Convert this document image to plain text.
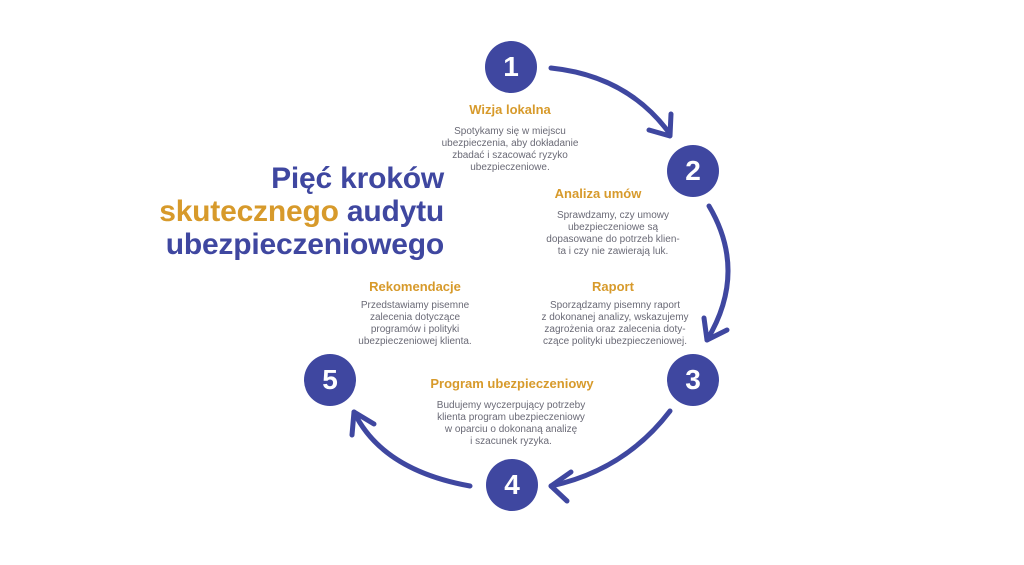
Pięć kroków
skutecznego audytu
ubezpieczeniowego
1
Wizja lokalna
Spotykamy się w miejscu
ubezpieczenia, aby dokładanie
zbadać i szacować ryzyko
ubezpieczeniowe.	2
Analiza umów
Sprawdzamy, czy umowy
ubezpieczeniowe są
dopasowane do potrzeb klien-
ta i czy nie zawierają luk.
3
Raport
Sporządzamy pisemny raport
z dokonanej analizy, wskazujemy
zagrożenia oraz zalecenia doty-
czące polityki ubezpieczeniowej.
4
Program ubezpieczeniowy
Budujemy wyczerpujący potrzeby
klienta program ubezpieczeniowy
w oparciu o dokonaną analizę
i szacunek ryzyka.
5
Rekomendacje
Przedstawiamy pisemne
zalecenia dotyczące
programów i polityki
ubezpieczeniowej klienta.
